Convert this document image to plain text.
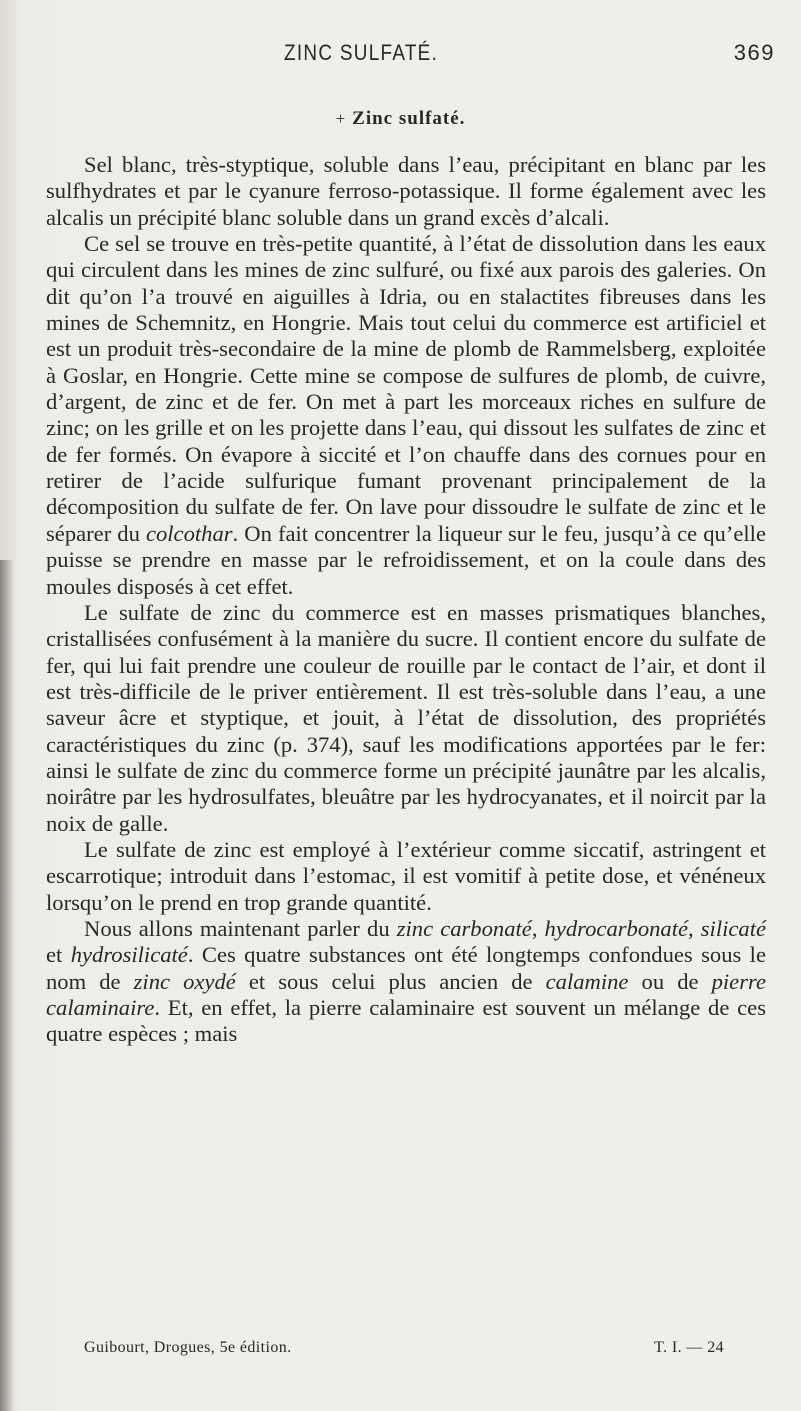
ZINC SULFATÉ.	369
+ Zinc sulfaté.

Sel blanc, très-styptique, soluble dans l’eau, précipitant en blanc par les sulfhydrates et par le cyanure ferroso-potassique. Il forme également avec les alcalis un précipité blanc soluble dans un grand excès d’alcali.

Ce sel se trouve en très-petite quantité, à l’état de dissolution dans les eaux qui circulent dans les mines de zinc sulfuré, ou fixé aux parois des galeries. On dit qu’on l’a trouvé en aiguilles à Idria, ou en stalactites fibreuses dans les mines de Schemnitz, en Hongrie. Mais tout celui du commerce est artificiel et est un produit très-secondaire de la mine de plomb de Rammelsberg, exploitée à Goslar, en Hongrie. Cette mine se compose de sulfures de plomb, de cuivre, d’argent, de zinc et de fer. On met à part les morceaux riches en sulfure de zinc; on les grille et on les projette dans l’eau, qui dissout les sulfates de zinc et de fer formés. On évapore à siccité et l’on chauffe dans des cornues pour en retirer de l’acide sulfurique fumant provenant principalement de la décomposition du sulfate de fer. On lave pour dissoudre le sulfate de zinc et le séparer du colcothar. On fait concentrer la liqueur sur le feu, jusqu’à ce qu’elle puisse se prendre en masse par le refroidissement, et on la coule dans des moules disposés à cet effet.

Le sulfate de zinc du commerce est en masses prismatiques blanches, cristallisées confusément à la manière du sucre. Il contient encore du sulfate de fer, qui lui fait prendre une couleur de rouille par le contact de l’air, et dont il est très-difficile de le priver entièrement. Il est très-soluble dans l’eau, a une saveur âcre et styptique, et jouit, à l’état de dissolution, des propriétés caractéristiques du zinc (p. 374), sauf les modifications apportées par le fer: ainsi le sulfate de zinc du commerce forme un précipité jaunâtre par les alcalis, noirâtre par les hydrosulfates, bleuâtre par les hydrocyanates, et il noircit par la noix de galle.

Le sulfate de zinc est employé à l’extérieur comme siccatif, astringent et escarrotique; introduit dans l’estomac, il est vomitif à petite dose, et vénéneux lorsqu’on le prend en trop grande quantité.

Nous allons maintenant parler du zinc carbonaté, hydrocarbonaté, silicaté et hydrosilicaté. Ces quatre substances ont été longtemps confondues sous le nom de zinc oxydé et sous celui plus ancien de calamine ou de pierre calaminaire. Et, en effet, la pierre calaminaire est souvent un mélange de ces quatre espèces ; mais

Guibourt, Drogues, 5e édition.	T. I. — 24
